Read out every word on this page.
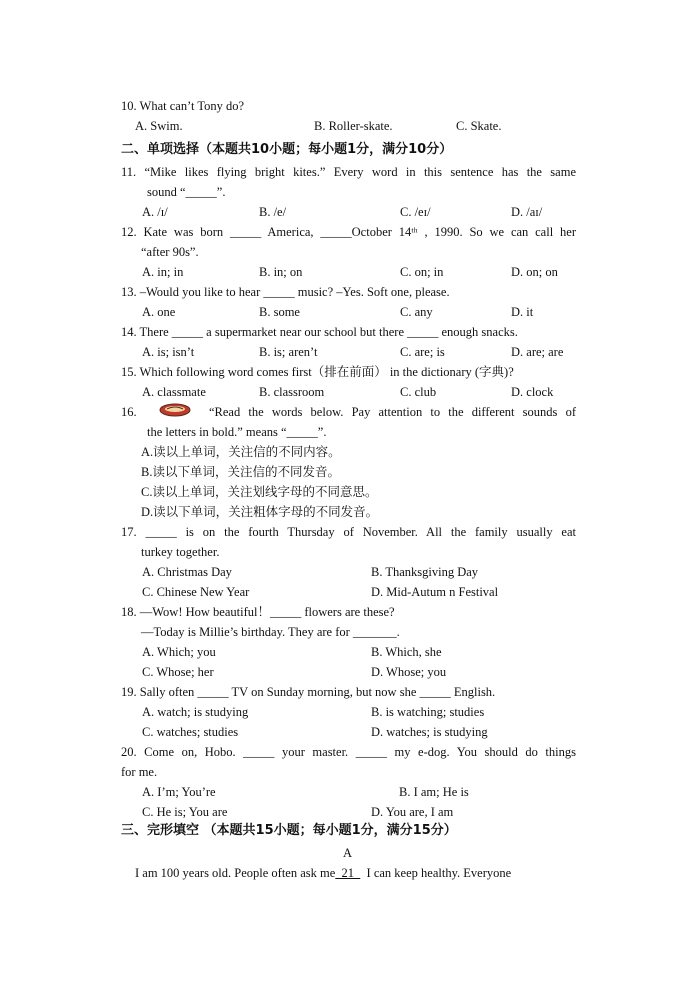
10. What can’t Tony do?
A. Swim.	B. Roller-skate.	C. Skate.
二、单项选择（本题共10小题；每小题1分，满分10分）
11. “Mike likes flying bright kites.” Every word in this sentence has the same
sound “_____”.
A. /ɪ/	B. /e/	C. /eɪ/	D. /aɪ/
12. Kate was born _____ America, _____October 14ᵗʰ , 1990. So we can call her
“after 90s”.
A. in; in	B. in; on	C. on; in	D. on; on
13. –Would you like to hear _____ music? –Yes. Soft one, please.
A. one	B. some	C. any	D. it
14. There _____ a supermarket near our school but there _____ enough snacks.
A. is; isn’t	B. is; aren’t	C. are; is	D. are; are
15. Which following word comes first（排在前面） in the dictionary (字典)?
A. classmate	B. classroom	C. club	D. clock
16.	“Read the words below. Pay attention to the different sounds of
the letters in bold.” means “_____”.
A.读以上单词，关注信的不同内容。
B.读以下单词，关注信的不同发音。
C.读以上单词，关注划线字母的不同意思。
D.读以下单词，关注粗体字母的不同发音。
17. _____ is on the fourth Thursday of November. All the family usually eat
turkey together.
A. Christmas Day	B. Thanksgiving Day
C. Chinese New Year	D. Mid-Autum n Festival
18. —Wow! How beautiful！_____ flowers are these?
—Today is Millie’s birthday. They are for _______.
A. Which; you	B. Which, she
C. Whose; her	D. Whose; you
19. Sally often _____ TV on Sunday morning, but now she _____ English.
A. watch; is studying	B. is watching; studies
C. watches; studies	D. watches; is studying
20. Come on, Hobo. _____ your master. _____ my e-dog. You should do things
for me.
A. I’m; You’re	B. I am; He is
C. He is; You are	D. You are, I am
三、完形填空 （本题共15小题；每小题1分，满分15分）
A
I am 100 years old. People often ask me  21    I can keep healthy. Everyone
